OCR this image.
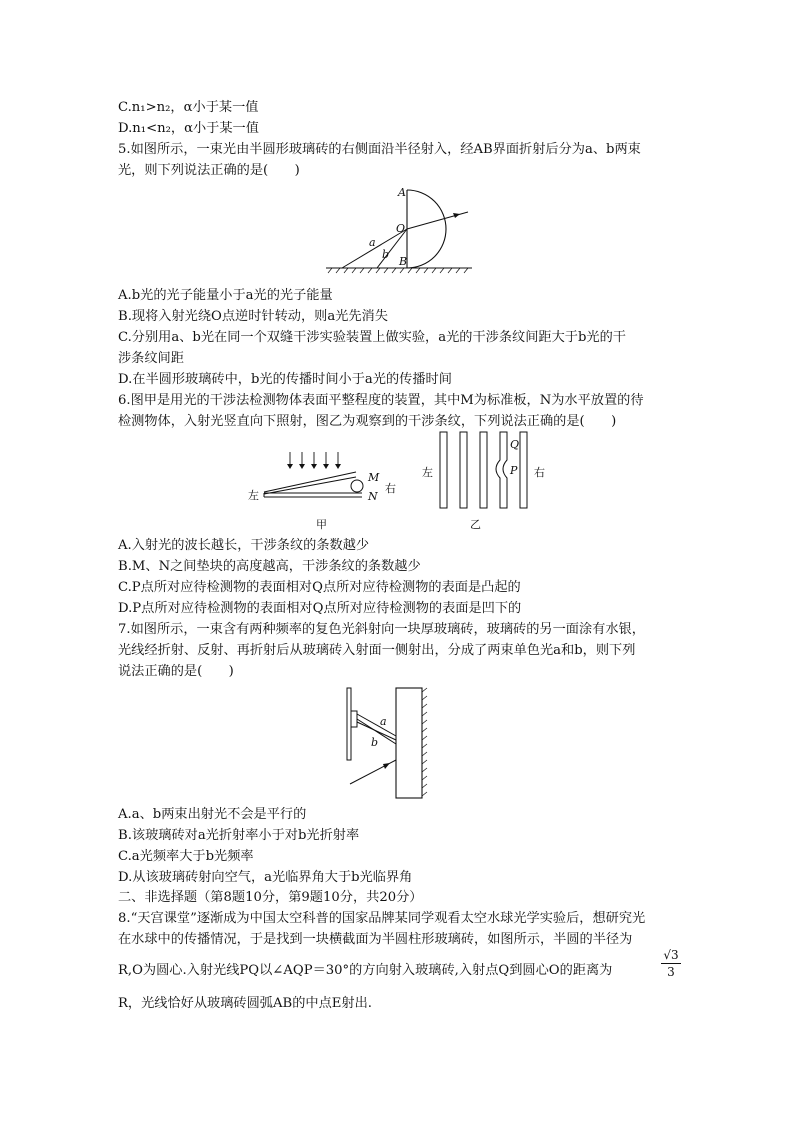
C.n₁>n₂，α小于某一值
D.n₁<n₂，α小于某一值
5.如图所示，一束光由半圆形玻璃砖的右侧面沿半径射入，经AB界面折射后分为a、b两束
光，则下列说法正确的是(　　)
A
O
B
a
b
A.b光的光子能量小于a光的光子能量
B.现将入射光绕O点逆时针转动，则a光先消失
C.分别用a、b光在同一个双缝干涉实验装置上做实验，a光的干涉条纹间距大于b光的干
涉条纹间距
D.在半圆形玻璃砖中，b光的传播时间小于a光的传播时间
6.图甲是用光的干涉法检测物体表面平整程度的装置，其中M为标准板，N为水平放置的待
检测物体，入射光竖直向下照射，图乙为观察到的干涉条纹，下列说法正确的是(　　)
左
M
N
右
甲
左
Q
P 右
乙
A.入射光的波长越长，干涉条纹的条数越少
B.M、N之间垫块的高度越高，干涉条纹的条数越少
C.P点所对应待检测物的表面相对Q点所对应待检测物的表面是凸起的
D.P点所对应待检测物的表面相对Q点所对应待检测物的表面是凹下的
7.如图所示，一束含有两种频率的复色光斜射向一块厚玻璃砖，玻璃砖的另一面涂有水银，
光线经折射、反射、再折射后从玻璃砖入射面一侧射出，分成了两束单色光a和b，则下列
说法正确的是(　　)
a
b
A.a、b两束出射光不会是平行的
B.该玻璃砖对a光折射率小于对b光折射率
C.a光频率大于b光频率
D.从该玻璃砖射向空气，a光临界角大于b光临界角
二、非选择题（第8题10分，第9题10分，共20分）
8.“天宫课堂”逐渐成为中国太空科普的国家品牌某同学观看太空水球光学实验后，想研究光
在水球中的传播情况，于是找到一块横截面为半圆柱形玻璃砖，如图所示，半圆的半径为
R,O为圆心.入射光线PQ以∠AQP＝30°的方向射入玻璃砖,入射点Q到圆心O的距离为	$\frac{√3}{3}$
R，光线恰好从玻璃砖圆弧AB的中点E射出.
